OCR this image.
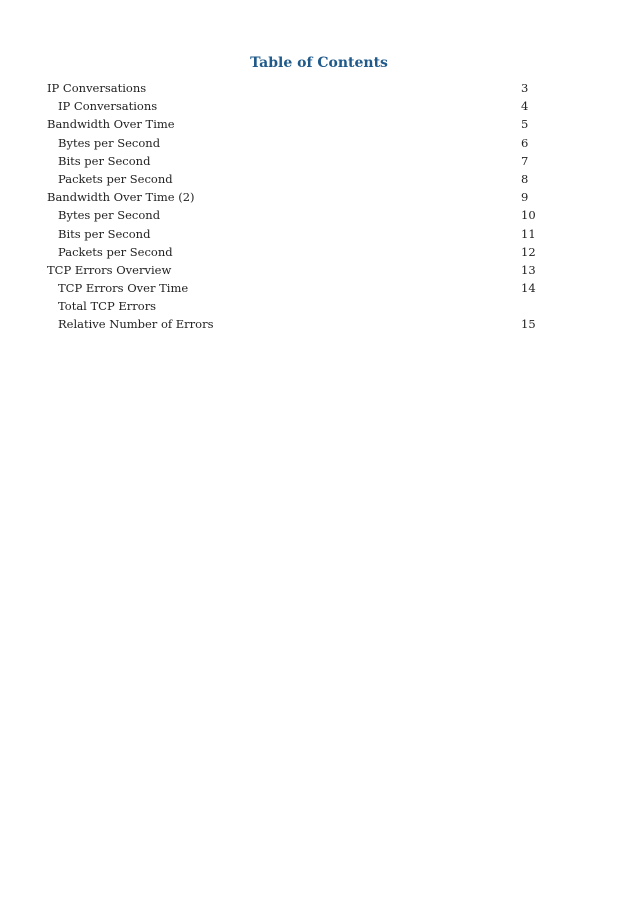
Table of Contents
IP Conversations	3
IP Conversations	4
Bandwidth Over Time	5
Bytes per Second	6
Bits per Second	7
Packets per Second	8
Bandwidth Over Time (2)	9
Bytes per Second	10
Bits per Second	11
Packets per Second	12
TCP Errors Overview	13
TCP Errors Over Time	14
Total TCP Errors
Relative Number of Errors	15
